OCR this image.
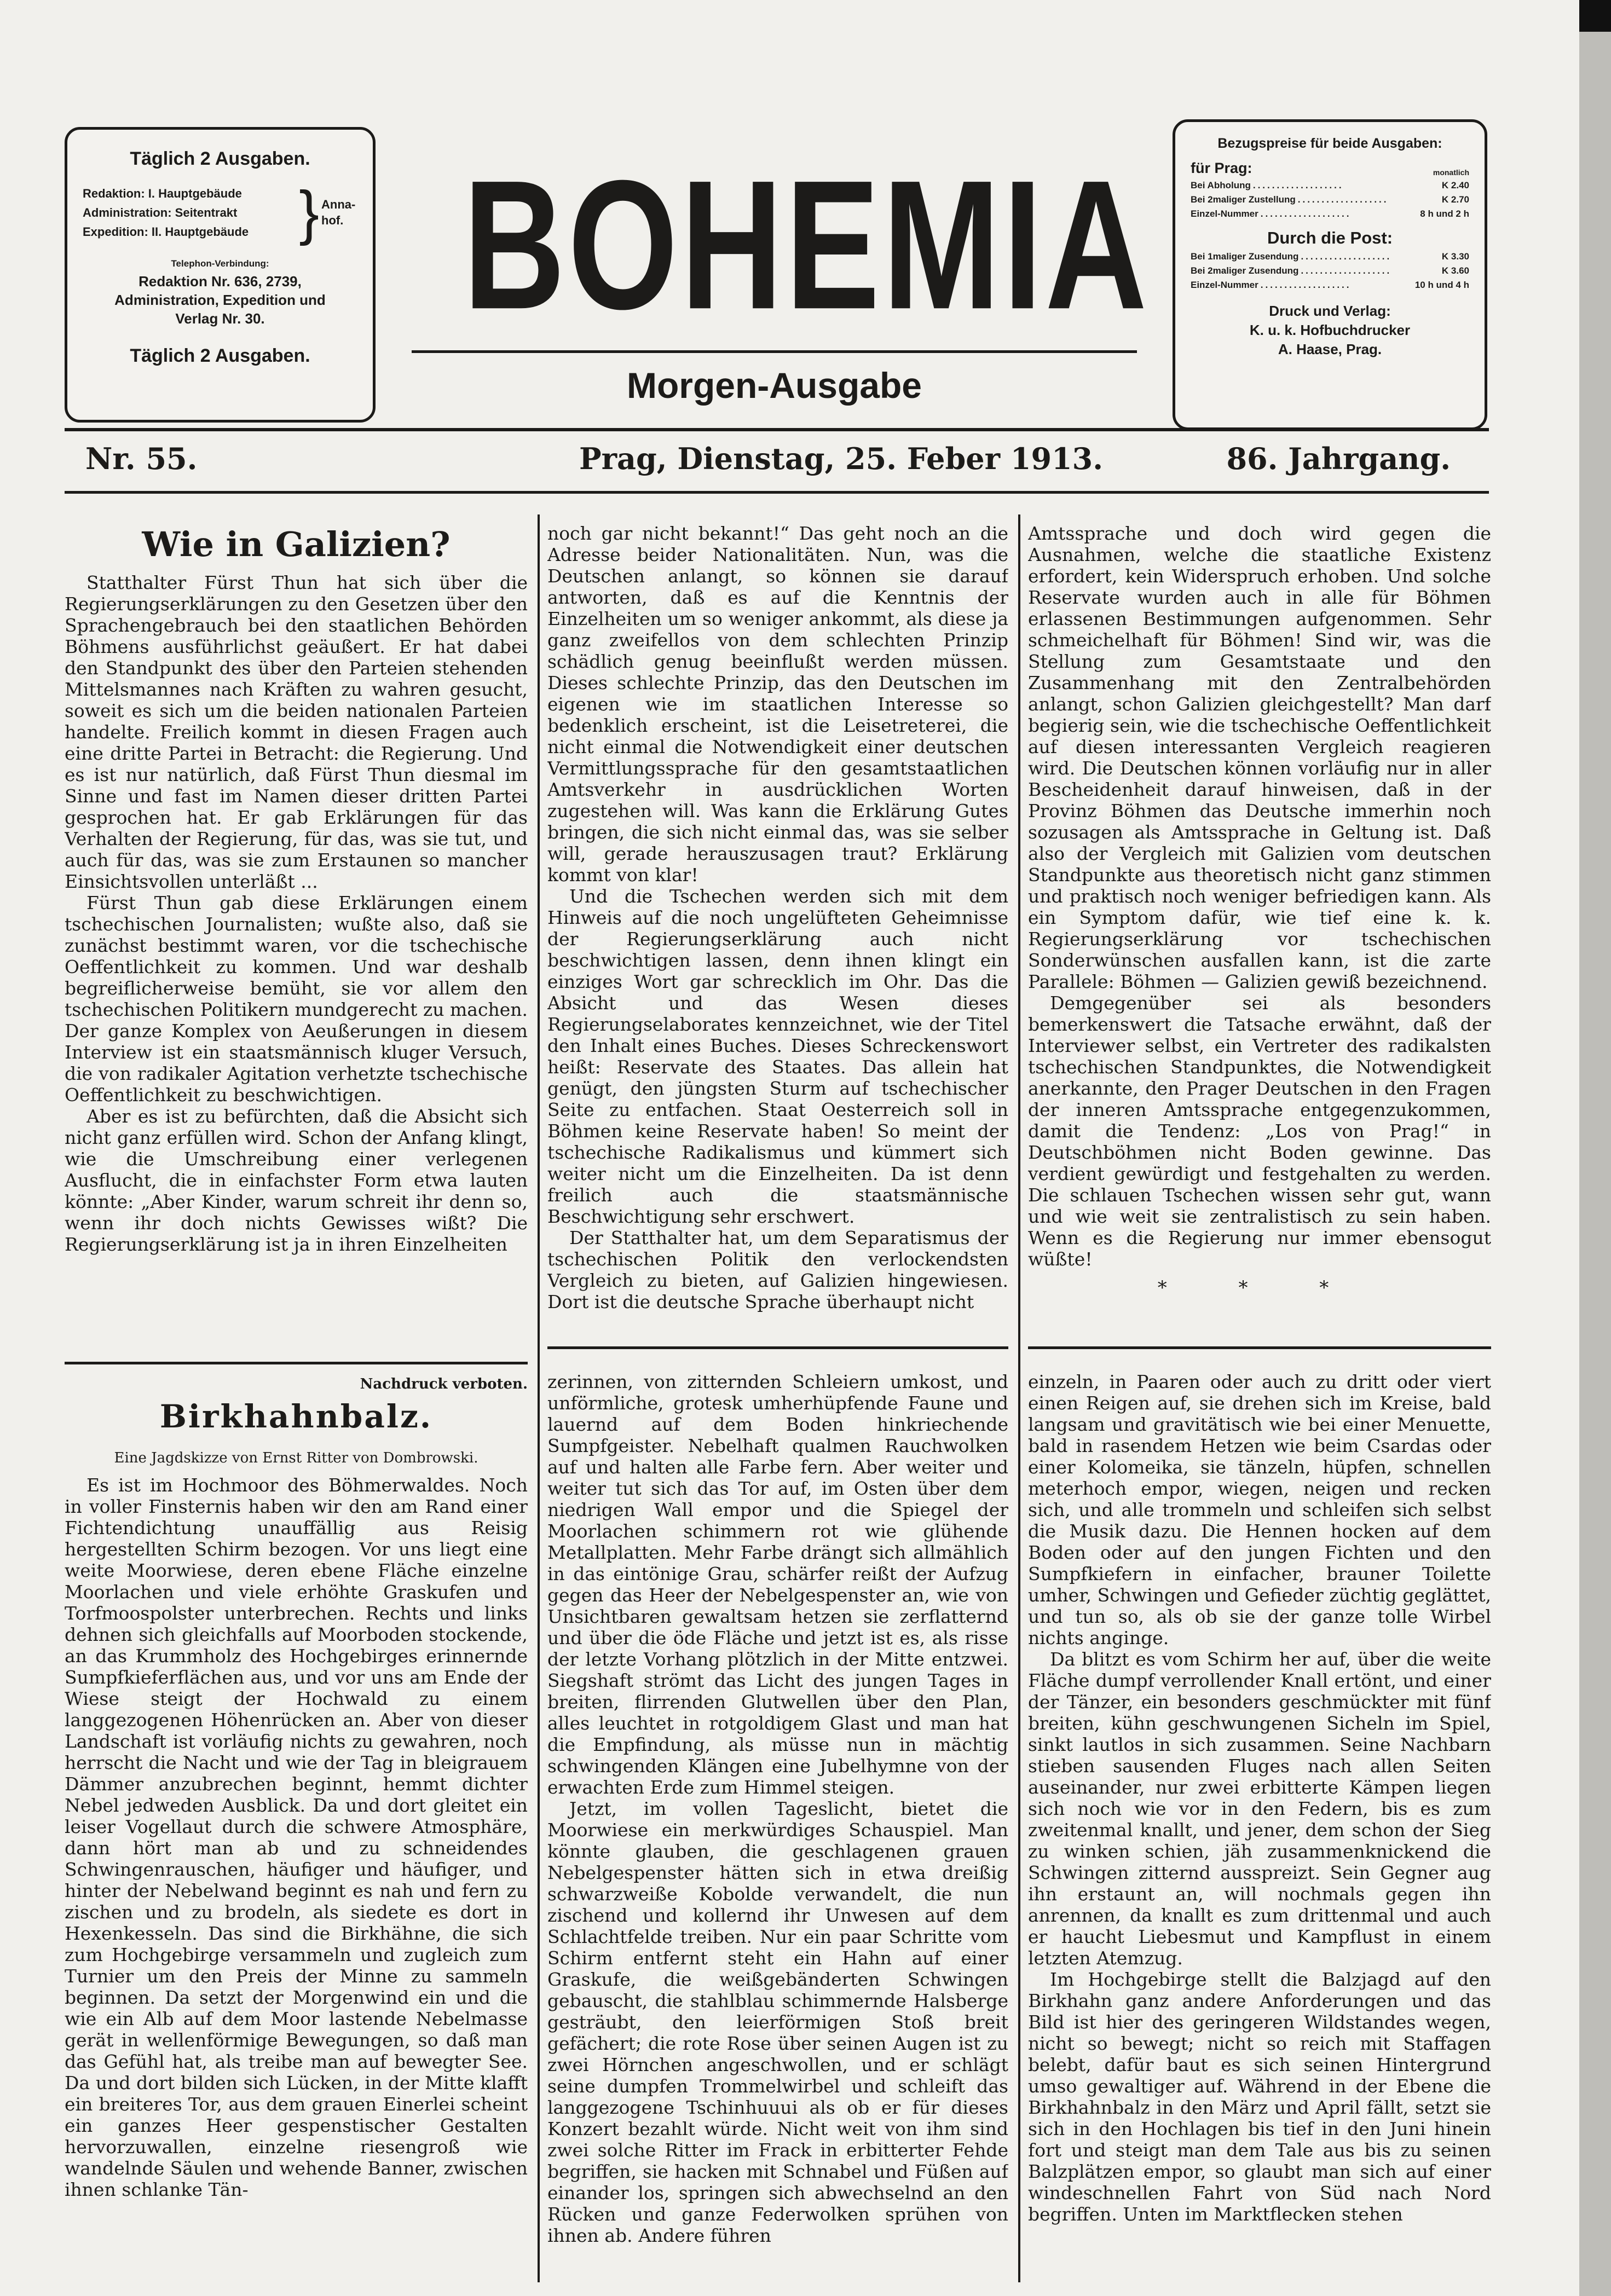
Täglich 2 Ausgaben.
Redaktion: I. Hauptgebäude
Administration: Seitentrakt
Expedition: II. Hauptgebäude } Anna-hof.
Telephon-Verbindung:
Redaktion Nr. 636, 2739,
Administration, Expedition und
Verlag Nr. 30.
Täglich 2 Ausgaben.
BOHEMIA
Morgen-Ausgabe
Bezugspreise für beide Ausgaben:
für Prag:	monatlich
Bei Abholung ...................	K 2.40
Bei 2maliger Zustellung ...................	K 2.70
Einzel-Nummer ...................	8 h und 2 h
Durch die Post:
Bei 1maliger Zusendung ...................	K 3.30
Bei 2maliger Zusendung ...................	K 3.60
Einzel-Nummer ...................	10 h und 4 h
Druck und Verlag:
K. u. k. Hofbuchdrucker
A. Haase, Prag.
Nr. 55.	Prag, Dienstag, 25. Feber 1913.	86. Jahrgang.
Wie in Galizien?

Statthalter Fürst Thun hat sich über die Regierungserklärungen zu den Gesetzen über den Sprachengebrauch bei den staatlichen Behörden Böhmens ausführlichst geäußert. Er hat dabei den Standpunkt des über den Parteien stehenden Mittelsmannes nach Kräften zu wahren gesucht, soweit es sich um die beiden nationalen Parteien handelte. Freilich kommt in diesen Fragen auch eine dritte Partei in Betracht: die Regierung. Und es ist nur natürlich, daß Fürst Thun diesmal im Sinne und fast im Namen dieser dritten Partei gesprochen hat. Er gab Erklärungen für das Verhalten der Regierung, für das, was sie tut, und auch für das, was sie zum Erstaunen so mancher Einsichtsvollen unterläßt ...

Fürst Thun gab diese Erklärungen einem tschechischen Journalisten; wußte also, daß sie zunächst bestimmt waren, vor die tschechische Oeffentlichkeit zu kommen. Und war deshalb begreiflicherweise bemüht, sie vor allem den tschechischen Politikern mundgerecht zu machen. Der ganze Komplex von Aeußerungen in diesem Interview ist ein staatsmännisch kluger Versuch, die von radikaler Agitation verhetzte tschechische Oeffentlichkeit zu beschwichtigen.

Aber es ist zu befürchten, daß die Absicht sich nicht ganz erfüllen wird. Schon der Anfang klingt, wie die Umschreibung einer verlegenen Ausflucht, die in einfachster Form etwa lauten könnte: „Aber Kinder, warum schreit ihr denn so, wenn ihr doch nichts Gewisses wißt? Die Regierungserklärung ist ja in ihren Einzelheiten

noch gar nicht bekannt!“ Das geht noch an die Adresse beider Nationalitäten. Nun, was die Deutschen anlangt, so können sie darauf antworten, daß es auf die Kenntnis der Einzelheiten um so weniger ankommt, als diese ja ganz zweifellos von dem schlechten Prinzip schädlich genug beeinflußt werden müssen. Dieses schlechte Prinzip, das den Deutschen im eigenen wie im staatlichen Interesse so bedenklich erscheint, ist die Leisetreterei, die nicht einmal die Notwendigkeit einer deutschen Vermittlungssprache für den gesamtstaatlichen Amtsverkehr in ausdrücklichen Worten zugestehen will. Was kann die Erklärung Gutes bringen, die sich nicht einmal das, was sie selber will, gerade herauszusagen traut? Erklärung kommt von klar!

Und die Tschechen werden sich mit dem Hinweis auf die noch ungelüfteten Geheimnisse der Regierungserklärung auch nicht beschwichtigen lassen, denn ihnen klingt ein einziges Wort gar schrecklich im Ohr. Das die Absicht und das Wesen dieses Regierungselaborates kennzeichnet, wie der Titel den Inhalt eines Buches. Dieses Schreckenswort heißt: Reservate des Staates. Das allein hat genügt, den jüngsten Sturm auf tschechischer Seite zu entfachen. Staat Oesterreich soll in Böhmen keine Reservate haben! So meint der tschechische Radikalismus und kümmert sich weiter nicht um die Einzelheiten. Da ist denn freilich auch die staatsmännische Beschwichtigung sehr erschwert.

Der Statthalter hat, um dem Separatismus der tschechischen Politik den verlockendsten Vergleich zu bieten, auf Galizien hingewiesen. Dort ist die deutsche Sprache überhaupt nicht

Amtssprache und doch wird gegen die Ausnahmen, welche die staatliche Existenz erfordert, kein Widerspruch erhoben. Und solche Reservate wurden auch in alle für Böhmen erlassenen Bestimmungen aufgenommen. Sehr schmeichelhaft für Böhmen! Sind wir, was die Stellung zum Gesamtstaate und den Zusammenhang mit den Zentralbehörden anlangt, schon Galizien gleichgestellt? Man darf begierig sein, wie die tschechische Oeffentlichkeit auf diesen interessanten Vergleich reagieren wird. Die Deutschen können vorläufig nur in aller Bescheidenheit darauf hinweisen, daß in der Provinz Böhmen das Deutsche immerhin noch sozusagen als Amtssprache in Geltung ist. Daß also der Vergleich mit Galizien vom deutschen Standpunkte aus theoretisch nicht ganz stimmen und praktisch noch weniger befriedigen kann. Als ein Symptom dafür, wie tief eine k. k. Regierungserklärung vor tschechischen Sonderwünschen ausfallen kann, ist die zarte Parallele: Böhmen — Galizien gewiß bezeichnend.

Demgegenüber sei als besonders bemerkenswert die Tatsache erwähnt, daß der Interviewer selbst, ein Vertreter des radikalsten tschechischen Standpunktes, die Notwendigkeit anerkannte, den Prager Deutschen in den Fragen der inneren Amtssprache entgegenzukommen, damit die Tendenz: „Los von Prag!“ in Deutschböhmen nicht Boden gewinne. Das verdient gewürdigt und festgehalten zu werden. Die schlauen Tschechen wissen sehr gut, wann und wie weit sie zentralistisch zu sein haben. Wenn es die Regierung nur immer ebensogut wüßte!

* * *
Nachdruck verboten.
Birkhahnbalz.
Eine Jagdskizze von Ernst Ritter von Dombrowski.

Es ist im Hochmoor des Böhmerwaldes. Noch in voller Finsternis haben wir den am Rand einer Fichtendichtung unauffällig aus Reisig hergestellten Schirm bezogen. Vor uns liegt eine weite Moorwiese, deren ebene Fläche einzelne Moorlachen und viele erhöhte Graskufen und Torfmoospolster unterbrechen. Rechts und links dehnen sich gleichfalls auf Moorboden stockende, an das Krummholz des Hochgebirges erinnernde Sumpfkieferflächen aus, und vor uns am Ende der Wiese steigt der Hochwald zu einem langgezogenen Höhenrücken an. Aber von dieser Landschaft ist vorläufig nichts zu gewahren, noch herrscht die Nacht und wie der Tag in bleigrauem Dämmer anzubrechen beginnt, hemmt dichter Nebel jedweden Ausblick. Da und dort gleitet ein leiser Vogellaut durch die schwere Atmosphäre, dann hört man ab und zu schneidendes Schwingenrauschen, häufiger und häufiger, und hinter der Nebelwand beginnt es nah und fern zu zischen und zu brodeln, als siedete es dort in Hexenkesseln. Das sind die Birkhähne, die sich zum Hochgebirge versammeln und zugleich zum Turnier um den Preis der Minne zu sammeln beginnen. Da setzt der Morgenwind ein und die wie ein Alb auf dem Moor lastende Nebelmasse gerät in wellenförmige Bewegungen, so daß man das Gefühl hat, als treibe man auf bewegter See. Da und dort bilden sich Lücken, in der Mitte klafft ein breiteres Tor, aus dem grauen Einerlei scheint ein ganzes Heer gespenstischer Gestalten hervorzuwallen, einzelne riesengroß wie wandelnde Säulen und wehende Banner, zwischen ihnen schlanke Tän-

zerinnen, von zitternden Schleiern umkost, und unförmliche, grotesk umherhüpfende Faune und lauernd auf dem Boden hinkriechende Sumpfgeister. Nebelhaft qualmen Rauchwolken auf und halten alle Farbe fern. Aber weiter und weiter tut sich das Tor auf, im Osten über dem niedrigen Wall empor und die Spiegel der Moorlachen schimmern rot wie glühende Metallplatten. Mehr Farbe drängt sich allmählich in das eintönige Grau, schärfer reißt der Aufzug gegen das Heer der Nebelgespenster an, wie von Unsichtbaren gewaltsam hetzen sie zerflatternd und über die öde Fläche und jetzt ist es, als risse der letzte Vorhang plötzlich in der Mitte entzwei. Siegshaft strömt das Licht des jungen Tages in breiten, flirrenden Glutwellen über den Plan, alles leuchtet in rotgoldigem Glast und man hat die Empfindung, als müsse nun in mächtig schwingenden Klängen eine Jubelhymne von der erwachten Erde zum Himmel steigen.

Jetzt, im vollen Tageslicht, bietet die Moorwiese ein merkwürdiges Schauspiel. Man könnte glauben, die geschlagenen grauen Nebelgespenster hätten sich in etwa dreißig schwarzweiße Kobolde verwandelt, die nun zischend und kollernd ihr Unwesen auf dem Schlachtfelde treiben. Nur ein paar Schritte vom Schirm entfernt steht ein Hahn auf einer Graskufe, die weißgebänderten Schwingen gebauscht, die stahlblau schimmernde Halsberge gesträubt, den leierförmigen Stoß breit gefächert; die rote Rose über seinen Augen ist zu zwei Hörnchen angeschwollen, und er schlägt seine dumpfen Trommelwirbel und schleift das langgezogene Tschinhuuui als ob er für dieses Konzert bezahlt würde. Nicht weit von ihm sind zwei solche Ritter im Frack in erbitterter Fehde begriffen, sie hacken mit Schnabel und Füßen auf einander los, springen sich abwechselnd an den Rücken und ganze Federwolken sprühen von ihnen ab. Andere führen

einzeln, in Paaren oder auch zu dritt oder viert einen Reigen auf, sie drehen sich im Kreise, bald langsam und gravitätisch wie bei einer Menuette, bald in rasendem Hetzen wie beim Csardas oder einer Kolomeika, sie tänzeln, hüpfen, schnellen meterhoch empor, wiegen, neigen und recken sich, und alle trommeln und schleifen sich selbst die Musik dazu. Die Hennen hocken auf dem Boden oder auf den jungen Fichten und den Sumpfkiefern in einfacher, brauner Toilette umher, Schwingen und Gefieder züchtig geglättet, und tun so, als ob sie der ganze tolle Wirbel nichts anginge.

Da blitzt es vom Schirm her auf, über die weite Fläche dumpf verrollender Knall ertönt, und einer der Tänzer, ein besonders geschmückter mit fünf breiten, kühn geschwungenen Sicheln im Spiel, sinkt lautlos in sich zusammen. Seine Nachbarn stieben sausenden Fluges nach allen Seiten auseinander, nur zwei erbitterte Kämpen liegen sich noch wie vor in den Federn, bis es zum zweitenmal knallt, und jener, dem schon der Sieg zu winken schien, jäh zusammenknickend die Schwingen zitternd ausspreizt. Sein Gegner aug ihn erstaunt an, will nochmals gegen ihn anrennen, da knallt es zum drittenmal und auch er haucht Liebesmut und Kampflust in einem letzten Atemzug.

Im Hochgebirge stellt die Balzjagd auf den Birkhahn ganz andere Anforderungen und das Bild ist hier des geringeren Wildstandes wegen, nicht so bewegt; nicht so reich mit Staffagen belebt, dafür baut es sich seinen Hintergrund umso gewaltiger auf. Während in der Ebene die Birkhahnbalz in den März und April fällt, setzt sie sich in den Hochlagen bis tief in den Juni hinein fort und steigt man dem Tale aus bis zu seinen Balzplätzen empor, so glaubt man sich auf einer windeschnellen Fahrt von Süd nach Nord begriffen. Unten im Marktflecken stehen
